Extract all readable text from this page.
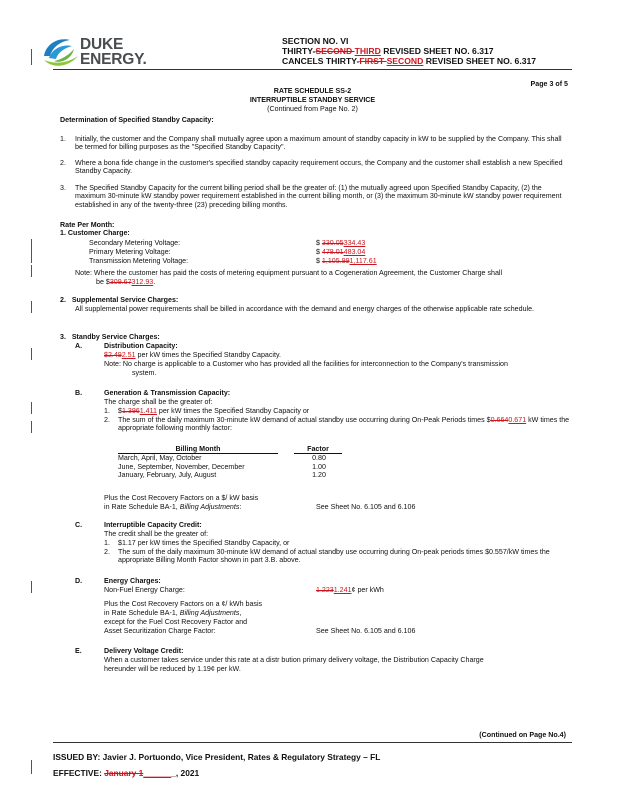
DUKE
ENERGY.
SECTION NO. VI
THIRTY-SECOND THIRD REVISED SHEET NO. 6.317
CANCELS THIRTY-FIRST SECOND REVISED SHEET NO. 6.317
Page 3 of 5
RATE SCHEDULE SS-2
INTERRUPTIBLE STANDBY SERVICE
(Continued from Page No. 2)
Determination of Specified Standby Capacity:
1. Initially, the customer and the Company shall mutually agree upon a maximum amount of standby capacity in kW to be supplied by the Company. This shall be termed for billing purposes as the "Specified Standby Capacity".
2. Where a bona fide change in the customer's specified standby capacity requirement occurs, the Company and the customer shall establish a new Specified Standby Capacity.
3. The Specified Standby Capacity for the current billing period shall be the greater of: (1) the mutually agreed upon Specified Standby Capacity, (2) the maximum 30-minute kW standby power requirement established in the current billing month, or (3) the maximum 30-minute kW standby power requirement established in any of the twenty-three (23) preceding billing months.
Rate Per Month:
1. Customer Charge:
Secondary Metering Voltage:	$ 330.05334.43
Primary Metering Voltage:	$ 478.01483.04
Transmission Metering Voltage:	$ 1,105.991,117.61
Note: Where the customer has paid the costs of metering equipment pursuant to a Cogeneration Agreement, the Customer Charge shall
be $309.67312.93.
2.   Supplemental Service Charges:
All supplemental power requirements shall be billed in accordance with the demand and energy charges of the otherwise applicable rate schedule.
3.   Standby Service Charges:
A.	Distribution Capacity:
$2.492.51 per kW times the Specified Standby Capacity.
Note: No charge is applicable to a Customer who has provided all the facilities for interconnection to the Company's transmission
system.
B.	Generation & Transmission Capacity:
The charge shall be the greater of:
1. $1.3961.411 per kW times the Specified Standby Capacity or
2. The sum of the daily maximum 30-minute kW demand of actual standby use occurring during On-Peak Periods times $0.6640.671 kW times the appropriate following monthly factor:
Billing Month	Factor
March, April, May, October	0.80
June, September, November, December	1.00
January, February, July, August	1.20
Plus the Cost Recovery Factors on a $/ kW basis
in Rate Schedule BA-1, Billing Adjustments:	See Sheet No. 6.105 and 6.106
C.	Interruptible Capacity Credit:
The credit shall be the greater of:
1. $1.17 per kW times the Specified Standby Capacity, or
2. The sum of the daily maximum 30-minute kW demand of actual standby use occurring during On-peak periods times $0.557/kW times the appropriate Billing Month Factor shown in part 3.B. above.
D.	Energy Charges:
Non-Fuel Energy Charge:	1.2231.241¢ per kWh
Plus the Cost Recovery Factors on a ¢/ kWh basis
in Rate Schedule BA-1, Billing Adjustments,
except for the Fuel Cost Recovery Factor and
Asset Securitization Charge Factor:	See Sheet No. 6.105 and 6.106
E.	Delivery Voltage Credit:
When a customer takes service under this rate at a distr bution primary delivery voltage, the Distribution Capacity Charge
hereunder will be reduced by 1.19¢ per kW.
(Continued on Page No.4)
ISSUED BY: Javier J. Portuondo, Vice President, Rates & Regulatory Strategy – FL
EFFECTIVE: January 1_______, 2021
